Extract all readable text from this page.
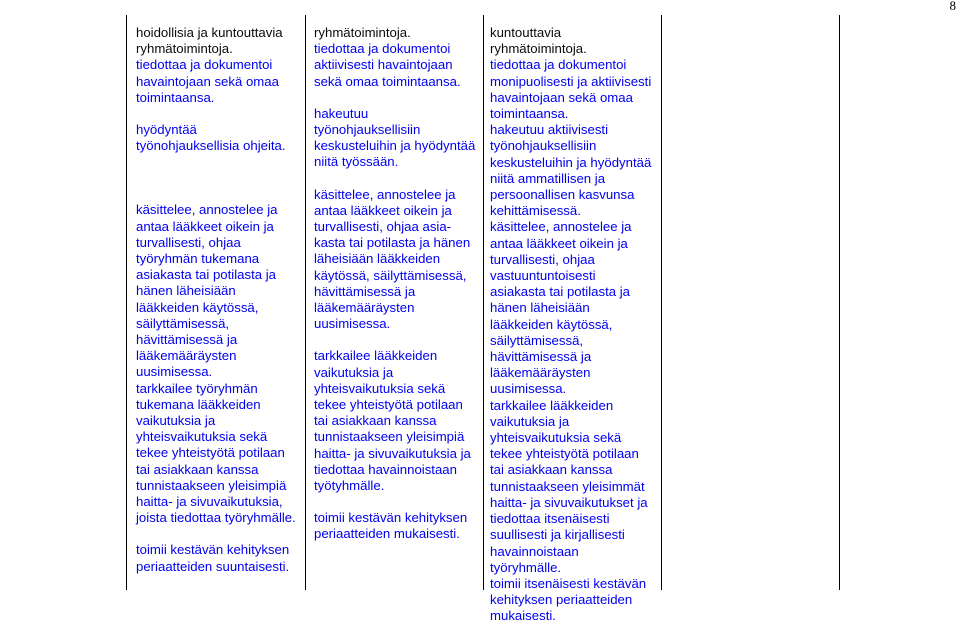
8

hoidollisia ja kuntouttavia

ryhmätoimintoja.

tiedottaa ja dokumentoi

havaintojaan sekä omaa

toimintaansa.

hyödyntää

työnohjauksellisia ohjeita.

käsittelee, annostelee ja

antaa lääkkeet oikein ja

turvallisesti, ohjaa

työryhmän tukemana

asiakasta tai potilasta ja

hänen läheisiään

lääkkeiden käytössä,

säilyttämisessä,

hävittämisessä ja

lääkemääräysten

uusimisessa.

tarkkailee työryhmän

tukemana lääkkeiden

vaikutuksia ja

yhteisvaikutuksia sekä

tekee yhteistyötä potilaan

tai asiakkaan kanssa

tunnistaakseen yleisimpiä

haitta- ja sivuvaikutuksia,

joista tiedottaa työryhmälle.

toimii kestävän kehityksen

periaatteiden suuntaisesti.

ryhmätoimintoja.

tiedottaa ja dokumentoi

aktiivisesti havaintojaan

sekä omaa toimintaansa.

hakeutuu

työnohjauksellisiin

keskusteluihin ja hyödyntää

niitä työssään.

käsittelee, annostelee ja

antaa lääkkeet oikein ja

turvallisesti, ohjaa asia-

kasta tai potilasta ja hänen

läheisiään lääkkeiden

käytössä, säilyttämisessä,

hävittämisessä ja

lääkemääräysten

uusimisessa.

tarkkailee lääkkeiden

vaikutuksia ja

yhteisvaikutuksia sekä

tekee yhteistyötä potilaan

tai asiakkaan kanssa

tunnistaakseen yleisimpiä

haitta- ja sivuvaikutuksia ja

tiedottaa havainnoistaan

työtyhmälle.

toimii kestävän kehityksen

periaatteiden mukaisesti.

kuntouttavia

ryhmätoimintoja.

tiedottaa ja dokumentoi

monipuolisesti ja aktiivisesti

havaintojaan sekä omaa

toimintaansa.

hakeutuu aktiivisesti

työnohjauksellisiin

keskusteluihin ja hyödyntää

niitä ammatillisen ja

persoonallisen kasvunsa

kehittämisessä.

käsittelee, annostelee ja

antaa lääkkeet oikein ja

turvallisesti, ohjaa

vastuuntuntoisesti

asiakasta tai potilasta ja

hänen läheisiään

lääkkeiden käytössä,

säilyttämisessä,

hävittämisessä ja

lääkemääräysten

uusimisessa.

tarkkailee lääkkeiden

vaikutuksia ja

yhteisvaikutuksia sekä

tekee yhteistyötä potilaan

tai asiakkaan kanssa

tunnistaakseen yleisimmät

haitta- ja sivuvaikutukset ja

tiedottaa itsenäisesti

suullisesti ja kirjallisesti

havainnoistaan

työryhmälle.

toimii itsenäisesti kestävän

kehityksen periaatteiden

mukaisesti.
